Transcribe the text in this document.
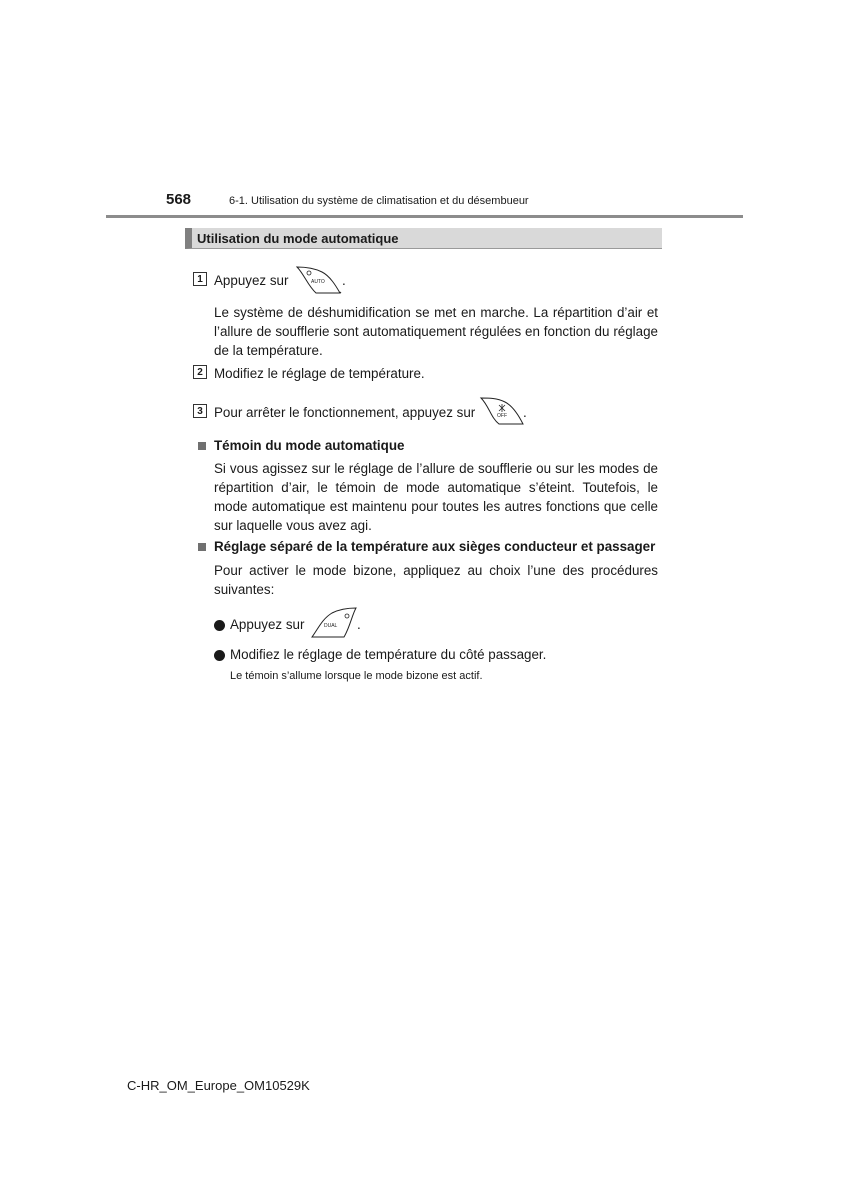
568	6-1. Utilisation du système de climatisation et du désembueur
Utilisation du mode automatique
1 Appuyez sur	AUTO .
Le système de déshumidification se met en marche. La répartition d’air et l’allure de soufflerie sont automatiquement régulées en fonction du réglage de la température.
2 Modifiez le réglage de température.
3 Pour arrêter le fonctionnement, appuyez sur	OFF .
Témoin du mode automatique
Si vous agissez sur le réglage de l’allure de soufflerie ou sur les modes de répartition d’air, le témoin de mode automatique s’éteint. Toutefois, le mode automatique est maintenu pour toutes les autres fonctions que celle sur laquelle vous avez agi.
Réglage séparé de la température aux sièges conducteur et passager
Pour activer le mode bizone, appliquez au choix l’une des procédures suivantes:
Appuyez sur	DUAL .
Modifiez le réglage de température du côté passager.
Le témoin s’allume lorsque le mode bizone est actif.
C-HR_OM_Europe_OM10529K
